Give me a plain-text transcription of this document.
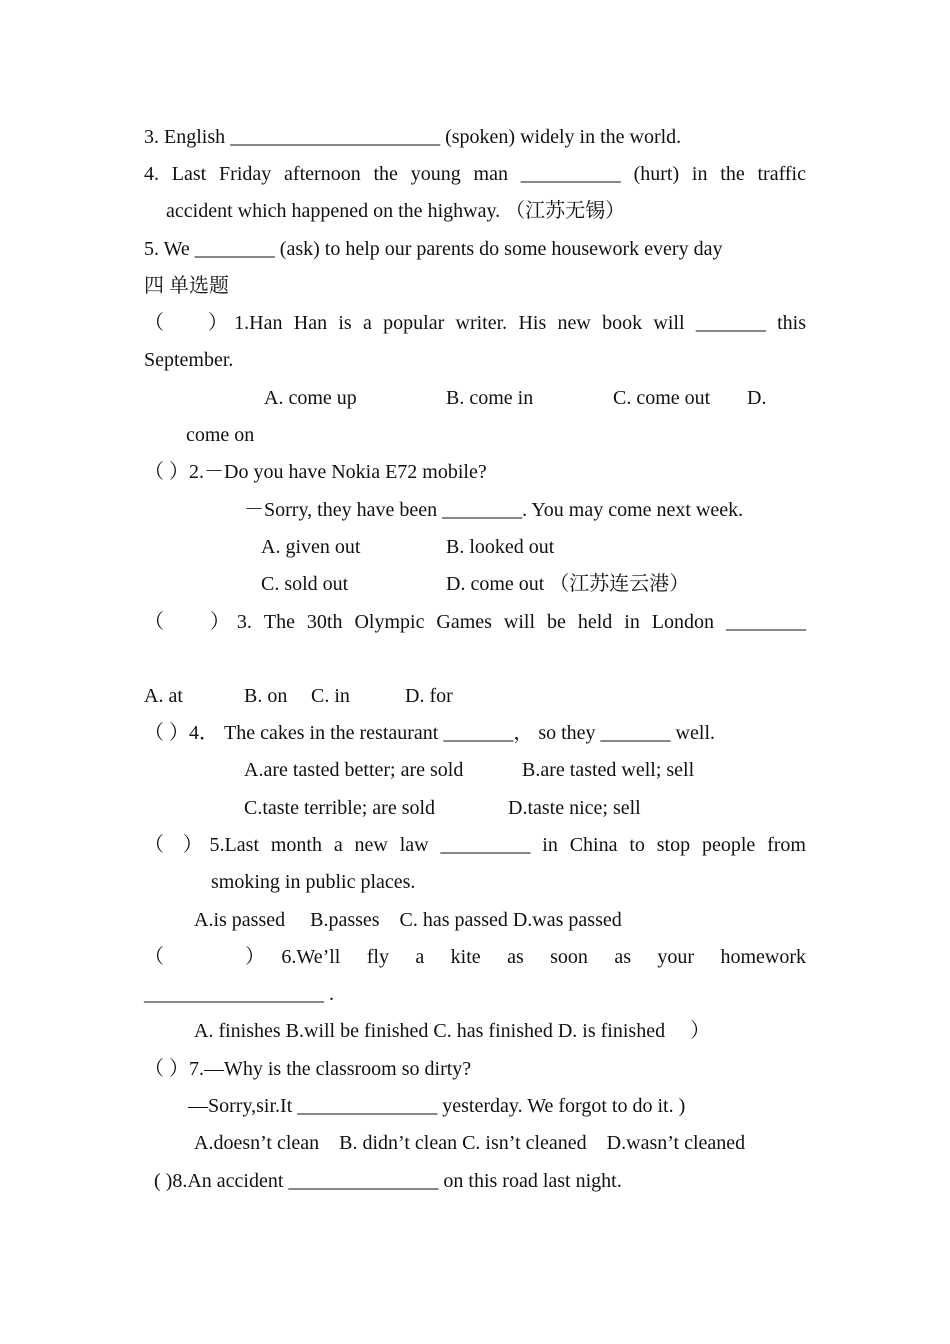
3. English _____________________ (spoken) widely in the world.
4. Last Friday afternoon the young man __________ (hurt) in the traffic
accident which happened on the highway. （江苏无锡）
5. We ________ (ask) to help our parents do some housework every day
四 单选题
（　 ）1.Han Han is a popular writer. His new book will _______ this
September.
A. come up	B. come in	C. come out D.
come on
（ ）2.－Do you have Nokia E72 mobile?
－Sorry, they have been ________. You may come next week.
A. given out	B. looked out
C. sold out	D. come out （江苏连云港）
（　 ）3. The 30th Olympic Games will be held in London ________
A. at	B. on C. in	D. for
（ ）4． The cakes in the restaurant _______， so they _______ well.
A.are tasted better; are sold	B.are tasted well; sell
C.taste terrible; are sold	D.taste nice; sell
（ ）5.Last month a new law _________ in China to stop people from
smoking in public places.
A.is passed　 B.passes　C. has passed D.was passed
（　　　 ）　6.We’ll　fly　a　kite　as　soon　as　your　homework
__________________ .
A. finishes B.will be finished C. has finished D. is finished　 ）
（ ）7.—Why is the classroom so dirty?
—Sorry,sir.It ______________ yesterday. We forgot to do it. )
A.doesn’t clean　B. didn’t clean C. isn’t cleaned　D.wasn’t cleaned
( )8.An accident _______________ on this road last night.
